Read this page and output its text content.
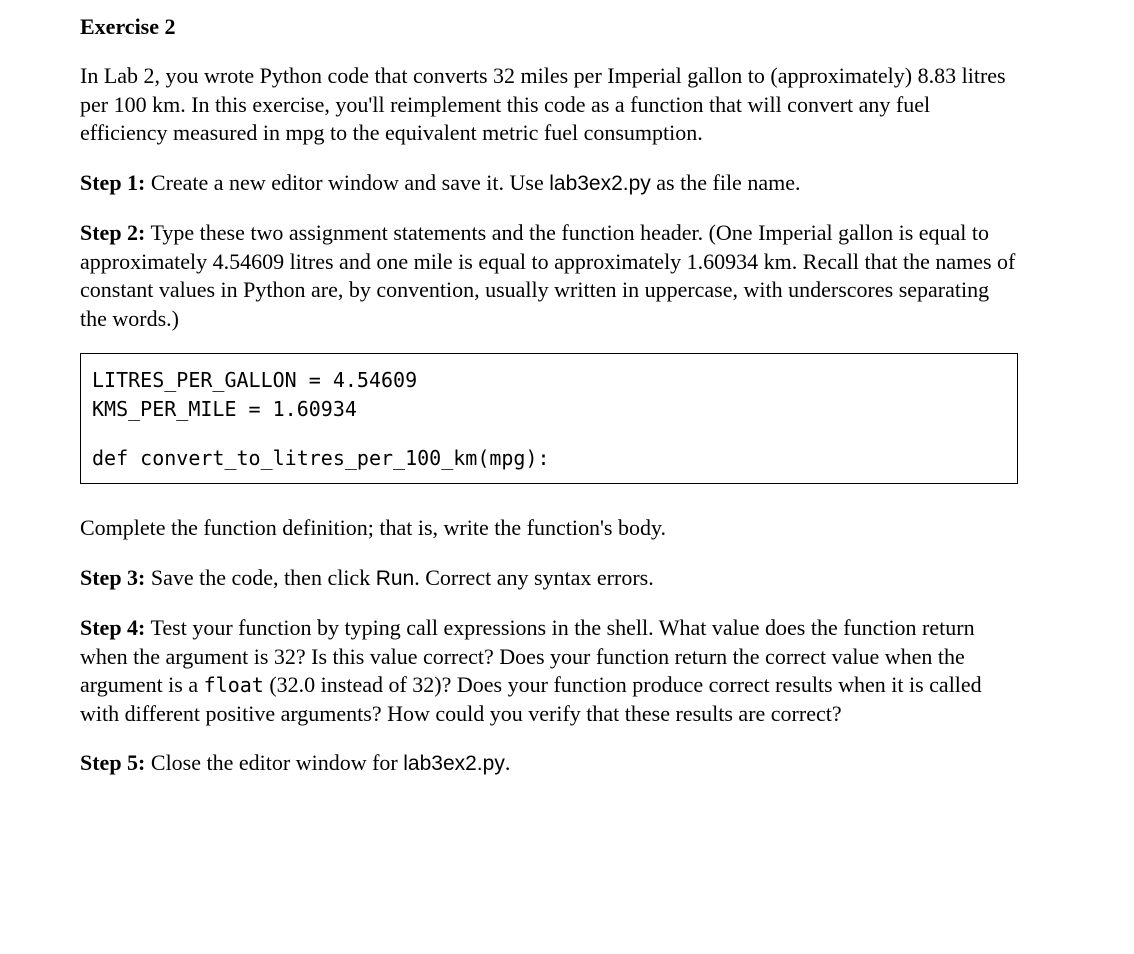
Exercise 2

In Lab 2, you wrote Python code that converts 32 miles per Imperial gallon to (approximately) 8.83 litres per 100 km. In this exercise, you'll reimplement this code as a function that will convert any fuel efficiency measured in mpg to the equivalent metric fuel consumption.

Step 1: Create a new editor window and save it. Use lab3ex2.py as the file name.

Step 2: Type these two assignment statements and the function header. (One Imperial gallon is equal to approximately 4.54609 litres and one mile is equal to approximately 1.60934 km. Recall that the names of constant values in Python are, by convention, usually written in uppercase, with underscores separating the words.)

LITRES_PER_GALLON = 4.54609
KMS_PER_MILE = 1.60934
def convert_to_litres_per_100_km(mpg):

Complete the function definition; that is, write the function's body.

Step 3: Save the code, then click Run. Correct any syntax errors.

Step 4: Test your function by typing call expressions in the shell. What value does the function return when the argument is 32? Is this value correct? Does your function return the correct value when the argument is a float (32.0 instead of 32)? Does your function produce correct results when it is called with different positive arguments? How could you verify that these results are correct?

Step 5: Close the editor window for lab3ex2.py.
